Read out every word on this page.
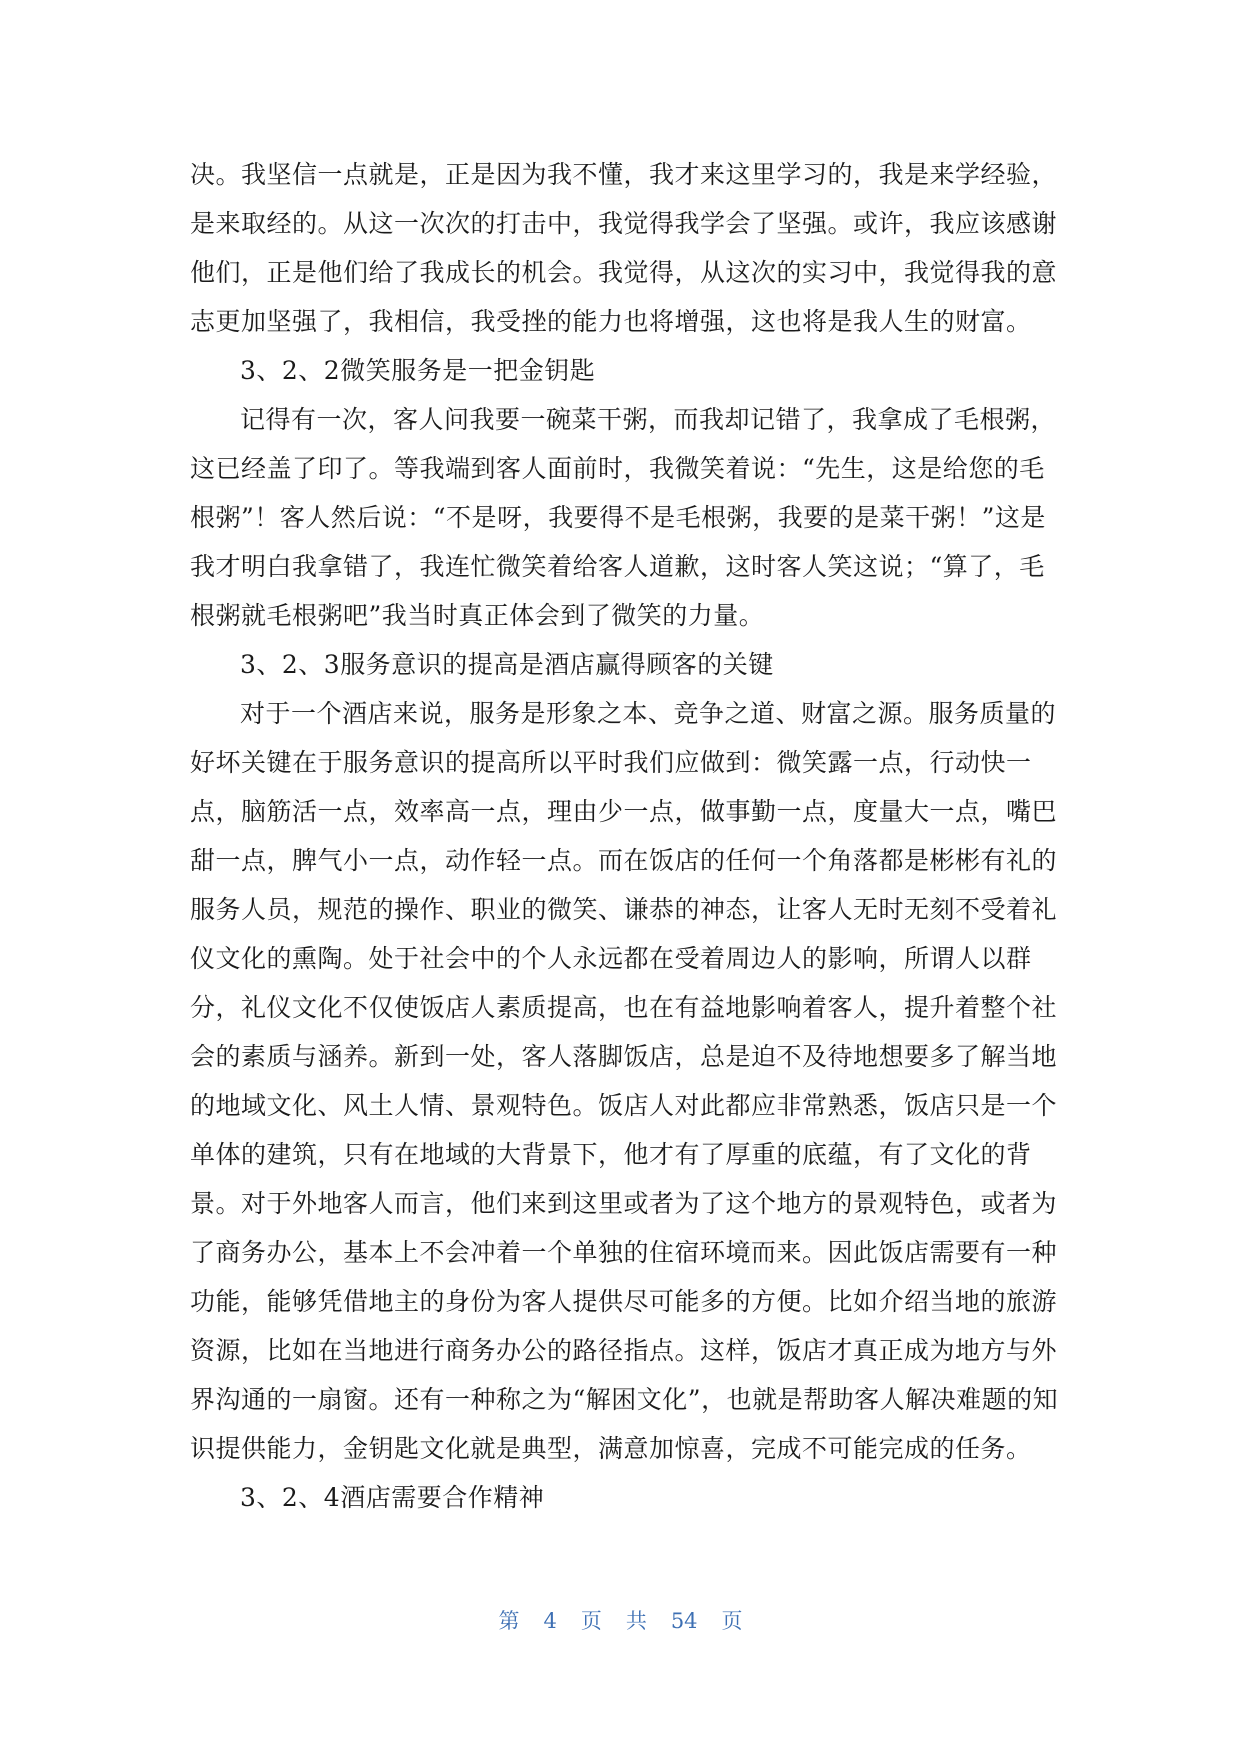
决。我坚信一点就是，正是因为我不懂，我才来这里学习的，我是来学经验，
是来取经的。从这一次次的打击中，我觉得我学会了坚强。或许，我应该感谢
他们，正是他们给了我成长的机会。我觉得，从这次的实习中，我觉得我的意
志更加坚强了，我相信，我受挫的能力也将增强，这也将是我人生的财富。
3、2、2微笑服务是一把金钥匙
记得有一次，客人问我要一碗菜干粥，而我却记错了，我拿成了毛根粥，
这已经盖了印了。等我端到客人面前时，我微笑着说：“先生，这是给您的毛
根粥”！客人然后说：“不是呀，我要得不是毛根粥，我要的是菜干粥！”这是
我才明白我拿错了，我连忙微笑着给客人道歉，这时客人笑这说；“算了，毛
根粥就毛根粥吧”我当时真正体会到了微笑的力量。
3、2、3服务意识的提高是酒店赢得顾客的关键
对于一个酒店来说，服务是形象之本、竞争之道、财富之源。服务质量的
好坏关键在于服务意识的提高所以平时我们应做到：微笑露一点，行动快一
点，脑筋活一点，效率高一点，理由少一点，做事勤一点，度量大一点，嘴巴
甜一点，脾气小一点，动作轻一点。而在饭店的任何一个角落都是彬彬有礼的
服务人员，规范的操作、职业的微笑、谦恭的神态，让客人无时无刻不受着礼
仪文化的熏陶。处于社会中的个人永远都在受着周边人的影响，所谓人以群
分，礼仪文化不仅使饭店人素质提高，也在有益地影响着客人，提升着整个社
会的素质与涵养。新到一处，客人落脚饭店，总是迫不及待地想要多了解当地
的地域文化、风土人情、景观特色。饭店人对此都应非常熟悉，饭店只是一个
单体的建筑，只有在地域的大背景下，他才有了厚重的底蕴，有了文化的背
景。对于外地客人而言，他们来到这里或者为了这个地方的景观特色，或者为
了商务办公，基本上不会冲着一个单独的住宿环境而来。因此饭店需要有一种
功能，能够凭借地主的身份为客人提供尽可能多的方便。比如介绍当地的旅游
资源，比如在当地进行商务办公的路径指点。这样，饭店才真正成为地方与外
界沟通的一扇窗。还有一种称之为“解困文化”，也就是帮助客人解决难题的知
识提供能力，金钥匙文化就是典型，满意加惊喜，完成不可能完成的任务。
3、2、4酒店需要合作精神
第 4 页 共 54 页
